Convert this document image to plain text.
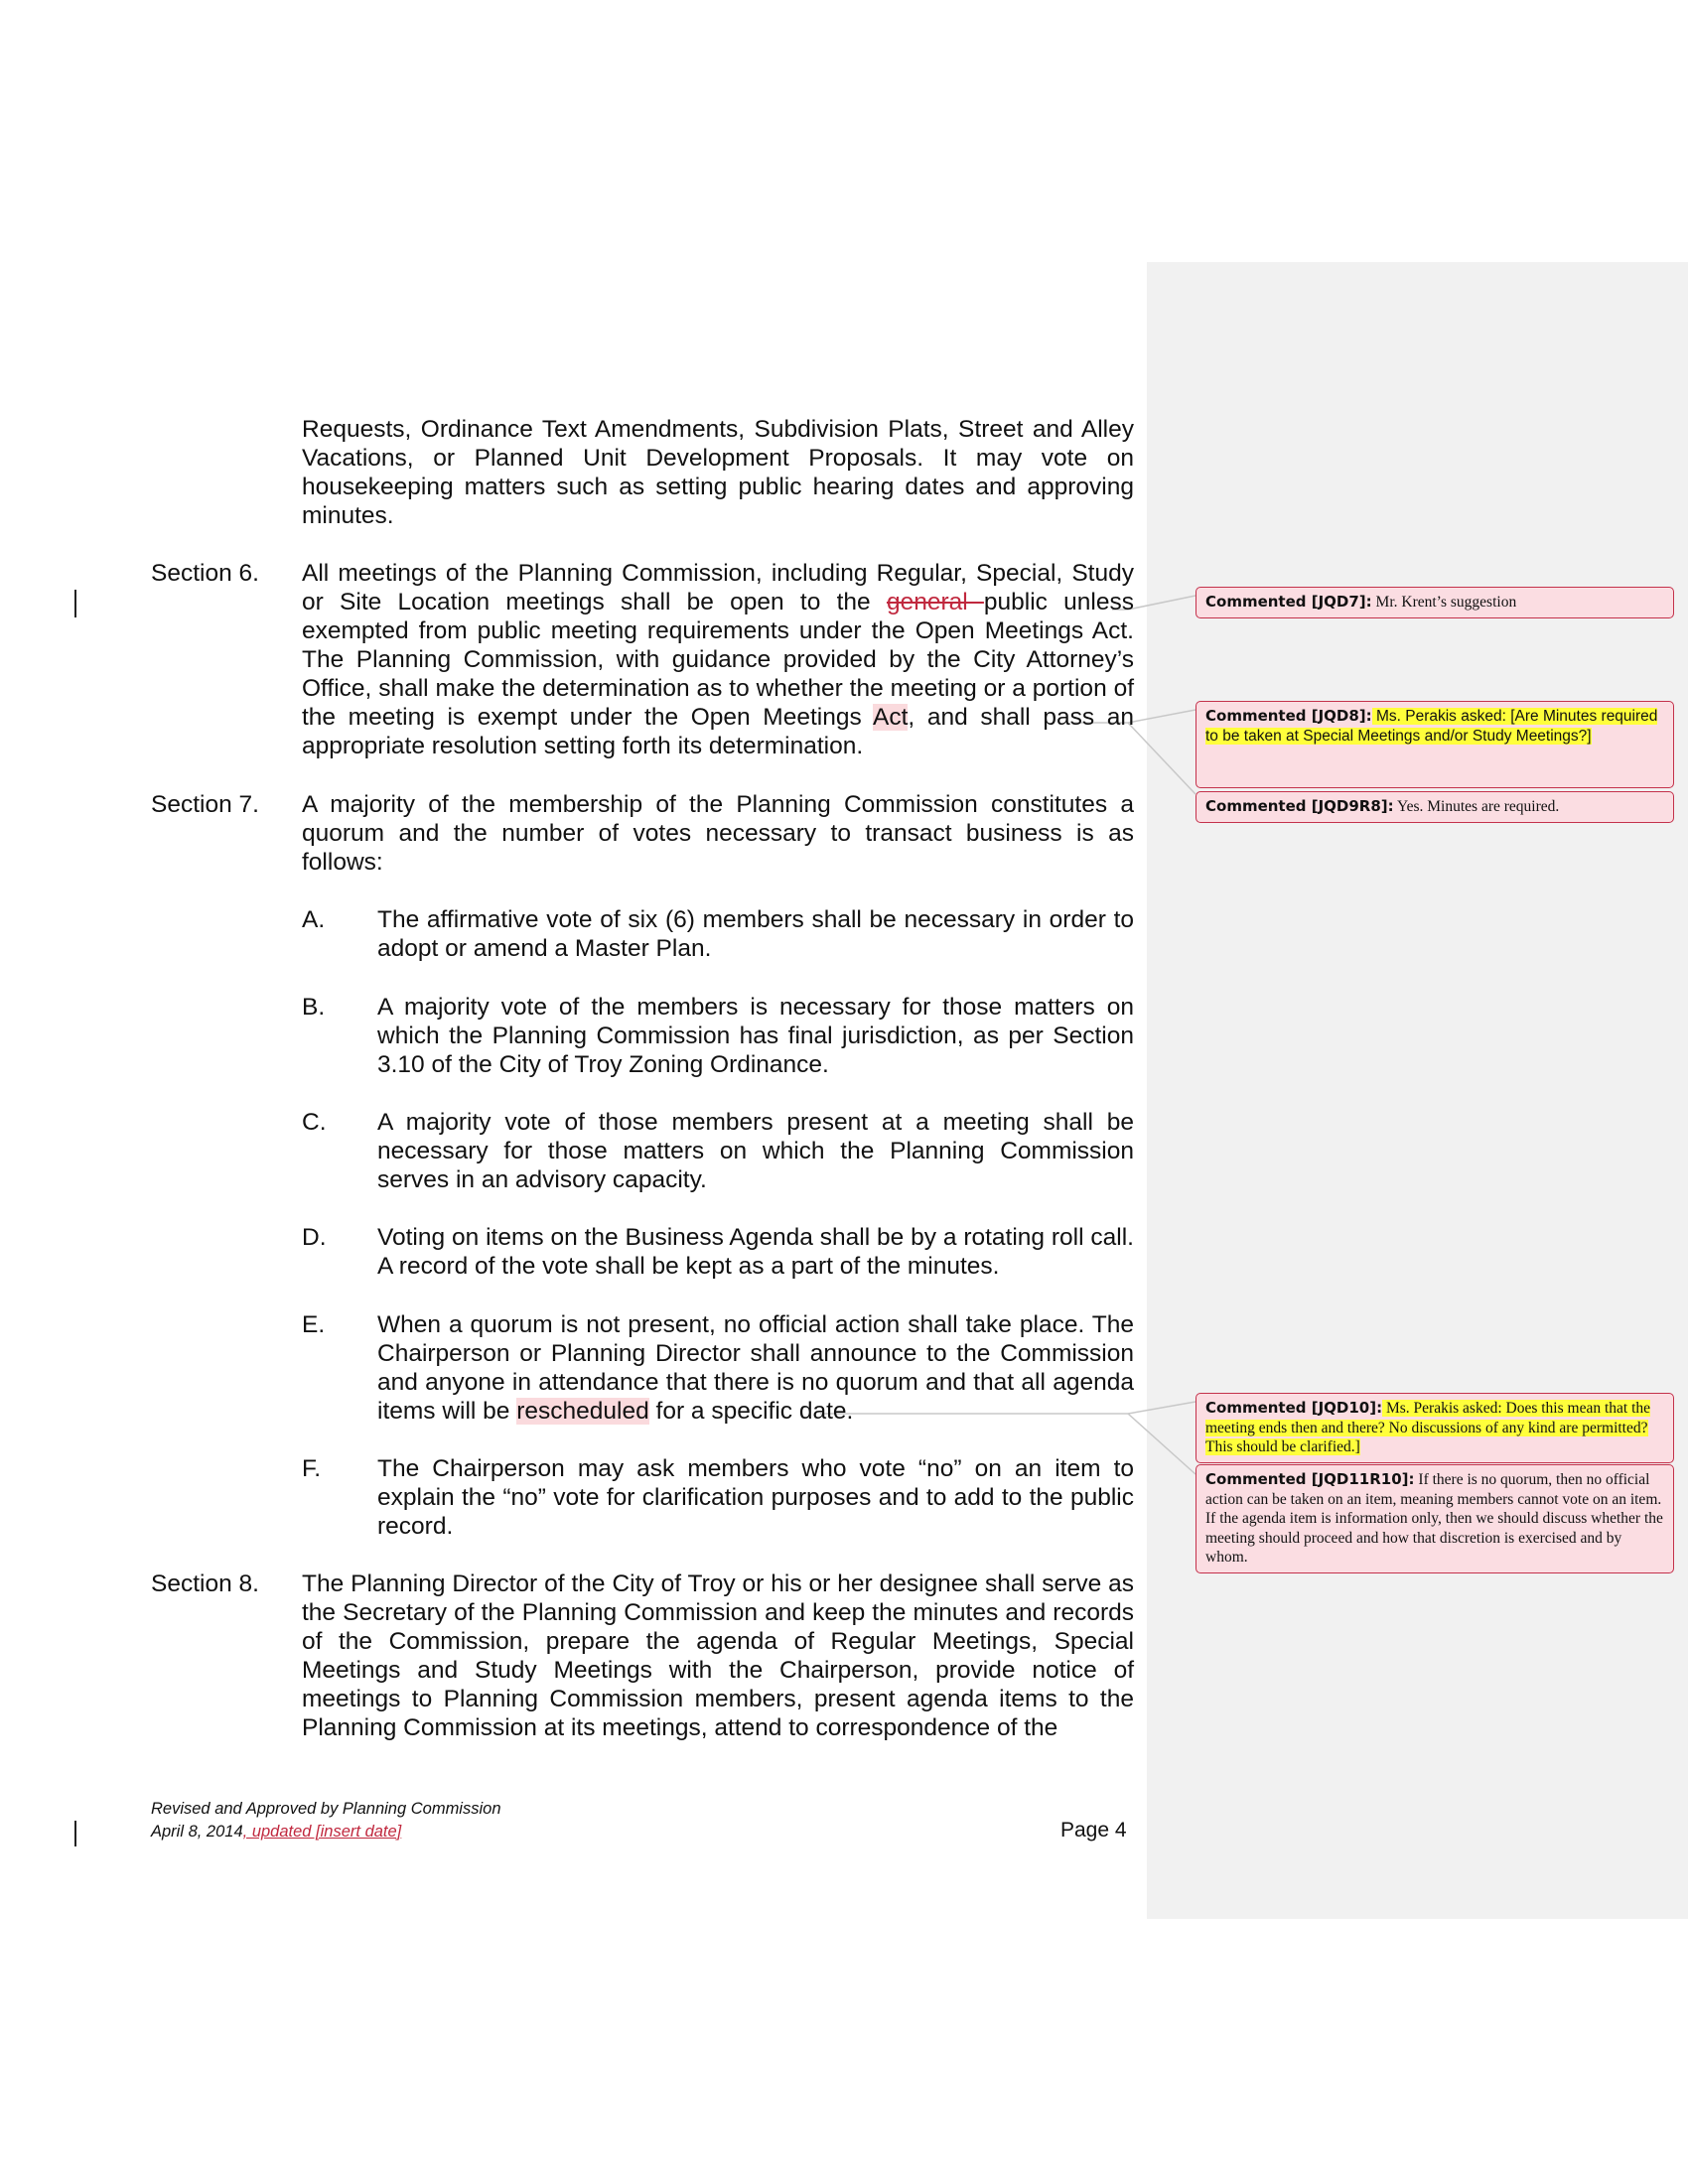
Requests, Ordinance Text Amendments, Subdivision Plats, Street and Alley Vacations, or Planned Unit Development Proposals. It may vote on housekeeping matters such as setting public hearing dates and approving minutes.
Section 6. All meetings of the Planning Commission, including Regular, Special, Study or Site Location meetings shall be open to the general public unless exempted from public meeting requirements under the Open Meetings Act. The Planning Commission, with guidance provided by the City Attorney’s Office, shall make the determination as to whether the meeting or a portion of the meeting is exempt under the Open Meetings Act, and shall pass an appropriate resolution setting forth its determination.
Section 7. A majority of the membership of the Planning Commission constitutes a quorum and the number of votes necessary to transact business is as follows:
A. The affirmative vote of six (6) members shall be necessary in order to adopt or amend a Master Plan.
B. A majority vote of the members is necessary for those matters on which the Planning Commission has final jurisdiction, as per Section 3.10 of the City of Troy Zoning Ordinance.
C. A majority vote of those members present at a meeting shall be necessary for those matters on which the Planning Commission serves in an advisory capacity.
D. Voting on items on the Business Agenda shall be by a rotating roll call. A record of the vote shall be kept as a part of the minutes.
E. When a quorum is not present, no official action shall take place. The Chairperson or Planning Director shall announce to the Commission and anyone in attendance that there is no quorum and that all agenda items will be rescheduled for a specific date.
F. The Chairperson may ask members who vote “no” on an item to explain the “no” vote for clarification purposes and to add to the public record.
Section 8. The Planning Director of the City of Troy or his or her designee shall serve as the Secretary of the Planning Commission and keep the minutes and records of the Commission, prepare the agenda of Regular Meetings, Special Meetings and Study Meetings with the Chairperson, provide notice of meetings to Planning Commission members, present agenda items to the Planning Commission at its meetings, attend to correspondence of the
Commented [JQD7]: Mr. Krent’s suggestion
Commented [JQD8]: Ms. Perakis asked: [Are Minutes required to be taken at Special Meetings and/or Study Meetings?]
Commented [JQD9R8]: Yes. Minutes are required.
Commented [JQD10]: Ms. Perakis asked: Does this mean that the meeting ends then and there? No discussions of any kind are permitted? This should be clarified.]
Commented [JQD11R10]: If there is no quorum, then no official action can be taken on an item, meaning members cannot vote on an item. If the agenda item is information only, then we should discuss whether the meeting should proceed and how that discretion is exercised and by whom.
Revised and Approved by Planning Commission
April 8, 2014, updated [insert date]	Page 4
